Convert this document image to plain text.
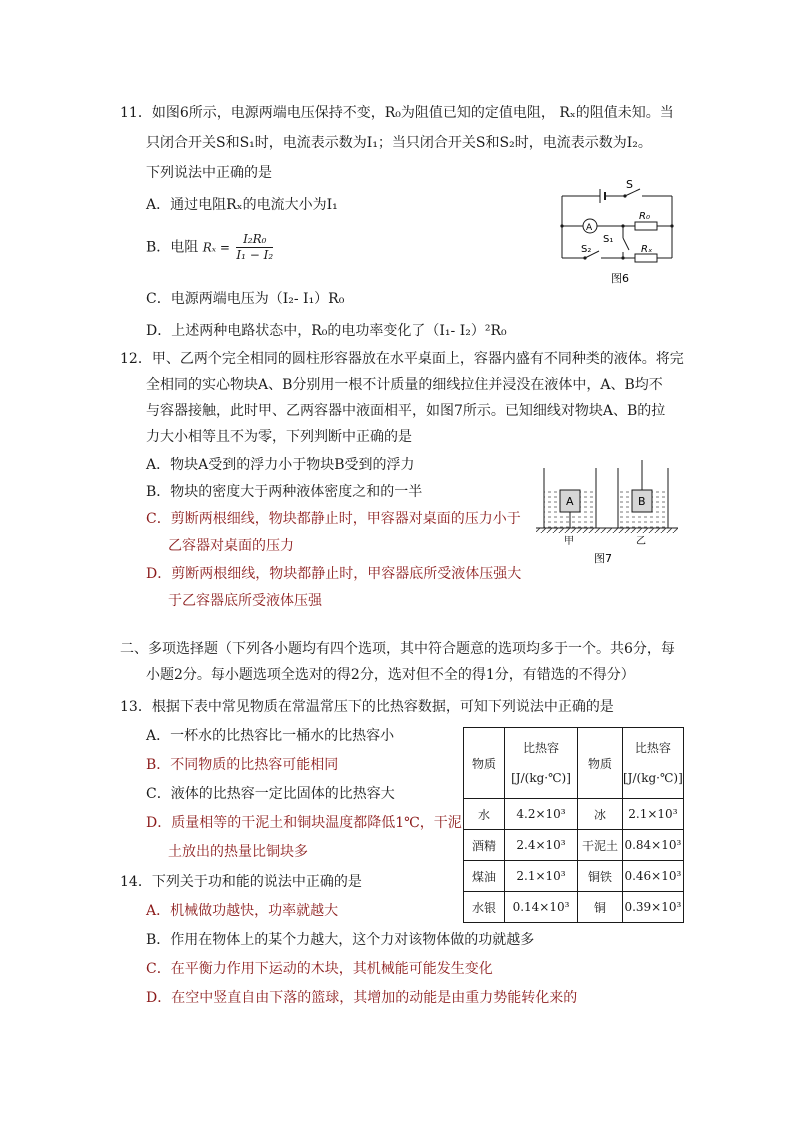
11．如图6所示，电源两端电压保持不变，R₀为阻值已知的定值电阻， Rₓ的阻值未知。当
只闭合开关S和S₁时，电流表示数为I₁；当只闭合开关S和S₂时，电流表示数为I₂。
下列说法中正确的是
A．通过电阻Rₓ的电流大小为I₁
B．电阻 $R_x = \frac{\text{I₂R₀}}{\text{I₁ − I₂}}$
C．电源两端电压为（I₂- I₁）R₀
D．上述两种电路状态中，R₀的电功率变化了（I₁- I₂）²R₀
S
A
R₀
S₁
S₂	Rₓ
图6
12．甲、乙两个完全相同的圆柱形容器放在水平桌面上，容器内盛有不同种类的液体。将完
全相同的实心物块A、B分别用一根不计质量的细线拉住并浸没在液体中，A、B均不
与容器接触，此时甲、乙两容器中液面相平，如图7所示。已知细线对物块A、B的拉
力大小相等且不为零，下列判断中正确的是
A．物块A受到的浮力小于物块B受到的浮力
B．物块的密度大于两种液体密度之和的一半
C．剪断两根细线，物块都静止时，甲容器对桌面的压力小于
乙容器对桌面的压力
D．剪断两根细线，物块都静止时，甲容器底所受液体压强大
于乙容器底所受液体压强
A	B
甲	乙
图7
二、多项选择题（下列各小题均有四个选项，其中符合题意的选项均多于一个。共6分，每
小题2分。每小题选项全选对的得2分，选对但不全的得1分，有错选的不得分）
13．根据下表中常见物质在常温常压下的比热容数据，可知下列说法中正确的是
A．一杯水的比热容比一桶水的比热容小
B．不同物质的比热容可能相同
C．液体的比热容一定比固体的比热容大
D．质量相等的干泥土和铜块温度都降低1℃，干泥
土放出的热量比铜块多
物质	比热容
[J/(kg·℃)]	物质	比热容
[J/(kg·℃)]

水	4.2×10³	冰	2.1×10³
酒精	2.4×10³	干泥土	0.84×10³
煤油	2.1×10³	铜铁	0.46×10³
水银	0.14×10³	铜	0.39×10³
14．下列关于功和能的说法中正确的是
A．机械做功越快，功率就越大
B．作用在物体上的某个力越大，这个力对该物体做的功就越多
C．在平衡力作用下运动的木块，其机械能可能发生变化
D．在空中竖直自由下落的篮球，其增加的动能是由重力势能转化来的
